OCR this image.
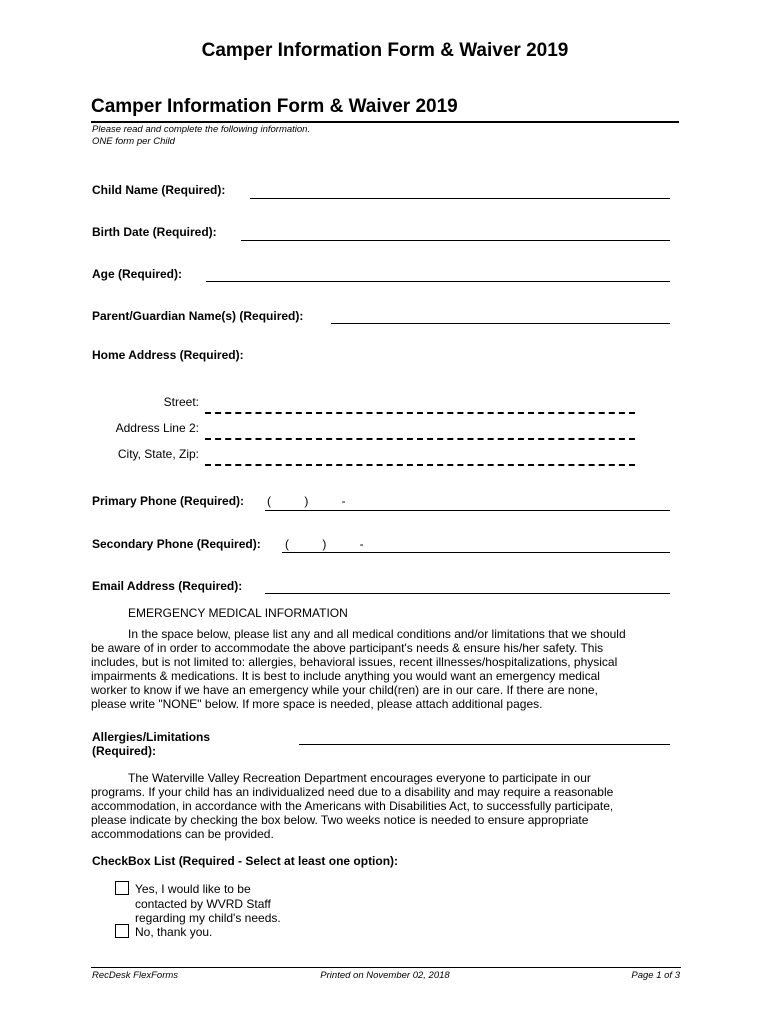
Camper Information Form & Waiver 2019
Camper Information Form & Waiver 2019
Please read and complete the following information.
ONE form per Child
Child Name (Required):
Birth Date (Required):
Age (Required):
Parent/Guardian Name(s) (Required):
Home Address (Required):
Street:
Address Line 2:
City, State, Zip:
Primary Phone (Required): (          )          -
Secondary Phone (Required): (          )          -
Email Address (Required):
EMERGENCY MEDICAL INFORMATION
In the space below, please list any and all medical conditions and/or limitations that we should
be aware of in order to accommodate the above participant's needs & ensure his/her safety. This
includes, but is not limited to: allergies, behavioral issues, recent illnesses/hospitalizations, physical
impairments & medications. It is best to include anything you would want an emergency medical
worker to know if we have an emergency while your child(ren) are in our care. If there are none,
please write "NONE" below. If more space is needed, please attach additional pages.
Allergies/Limitations
(Required):
The Waterville Valley Recreation Department encourages everyone to participate in our
programs. If your child has an individualized need due to a disability and may require a reasonable
accommodation, in accordance with the Americans with Disabilities Act, to successfully participate,
please indicate by checking the box below. Two weeks notice is needed to ensure appropriate
accommodations can be provided.
CheckBox List (Required - Select at least one option):
Yes, I would like to be
contacted by WVRD Staff
regarding my child's needs.
No, thank you.
RecDesk FlexForms	Printed on November 02, 2018	Page 1 of 3
